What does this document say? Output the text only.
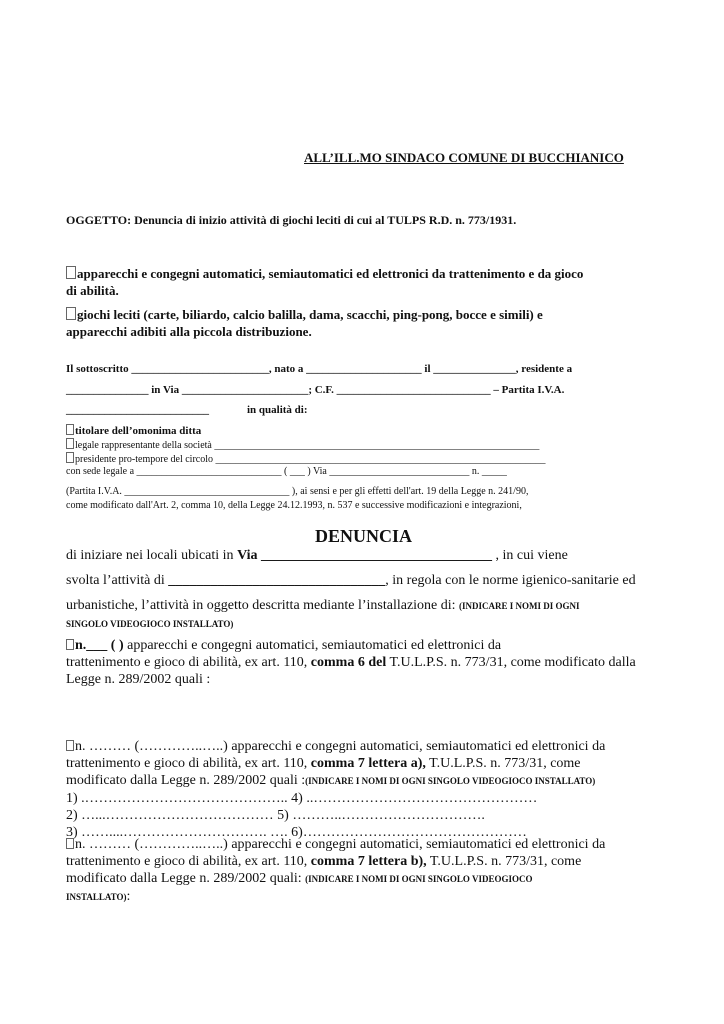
ALL’ILL.MO SINDACO COMUNE DI BUCCHIANICO
OGGETTO: Denuncia di inizio attività di giochi leciti di cui al TULPS R.D. n. 773/1931.
apparecchi e congegni automatici, semiautomatici ed elettronici da trattenimento e da gioco
di abilità.
giochi leciti (carte, biliardo, calcio balilla, dama, scacchi, ping-pong, bocce e simili) e
apparecchi adibiti alla piccola distribuzione.
Il sottoscritto _________________________, nato a _____________________ il _______________, residente a
_______________ in Via _______________________; C.F. ____________________________ – Partita I.V.A.
__________________________	in qualità di:
titolare dell’omonima ditta
legale rappresentante della società _________________________________________________________________
presidente pro-tempore del circolo __________________________________________________________________
con sede legale a _____________________________ ( ___ ) Via ____________________________ n. _____
(Partita I.V.A. _________________________________ ), ai sensi e per gli effetti dell'art. 19 della Legge n. 241/90,
come modificato dall'Art. 2, comma 10, della Legge 24.12.1993, n. 537 e successive modificazioni e integrazioni,
DENUNCIA
di iniziare nei locali ubicati in Via _________________________________ , in cui viene
svolta l’attività di _______________________________, in regola con le norme igienico-sanitarie ed
urbanistiche, l’attività in oggetto descritta mediante l’installazione di: (INDICARE I NOMI DI OGNI
SINGOLO VIDEOGIOCO INSTALLATO)
n.___ ( ) apparecchi e congegni automatici, semiautomatici ed elettronici da
trattenimento e gioco di abilità, ex art. 110, comma 6 del T.U.L.P.S. n. 773/31, come modificato dalla
Legge n. 289/2002 quali :
n. ……… (…………..…..) apparecchi e congegni automatici, semiautomatici ed elettronici da
trattenimento e gioco di abilità, ex art. 110, comma 7 lettera a), T.U.L.P.S. n. 773/31, come
modificato dalla Legge n. 289/2002 quali :(INDICARE I NOMI DI OGNI SINGOLO VIDEOGIOCO INSTALLATO)
1) .…………………………………….. 4) ..…………………………………………
2) …...……………………………… 5) ………..………………………….
3) ……....…………………………. …. 6)…………………………………………
n. ……… (…………..…..) apparecchi e congegni automatici, semiautomatici ed elettronici da
trattenimento e gioco di abilità, ex art. 110, comma 7 lettera b), T.U.L.P.S. n. 773/31, come
modificato dalla Legge n. 289/2002 quali: (INDICARE I NOMI DI OGNI SINGOLO VIDEOGIOCO
INSTALLATO):
